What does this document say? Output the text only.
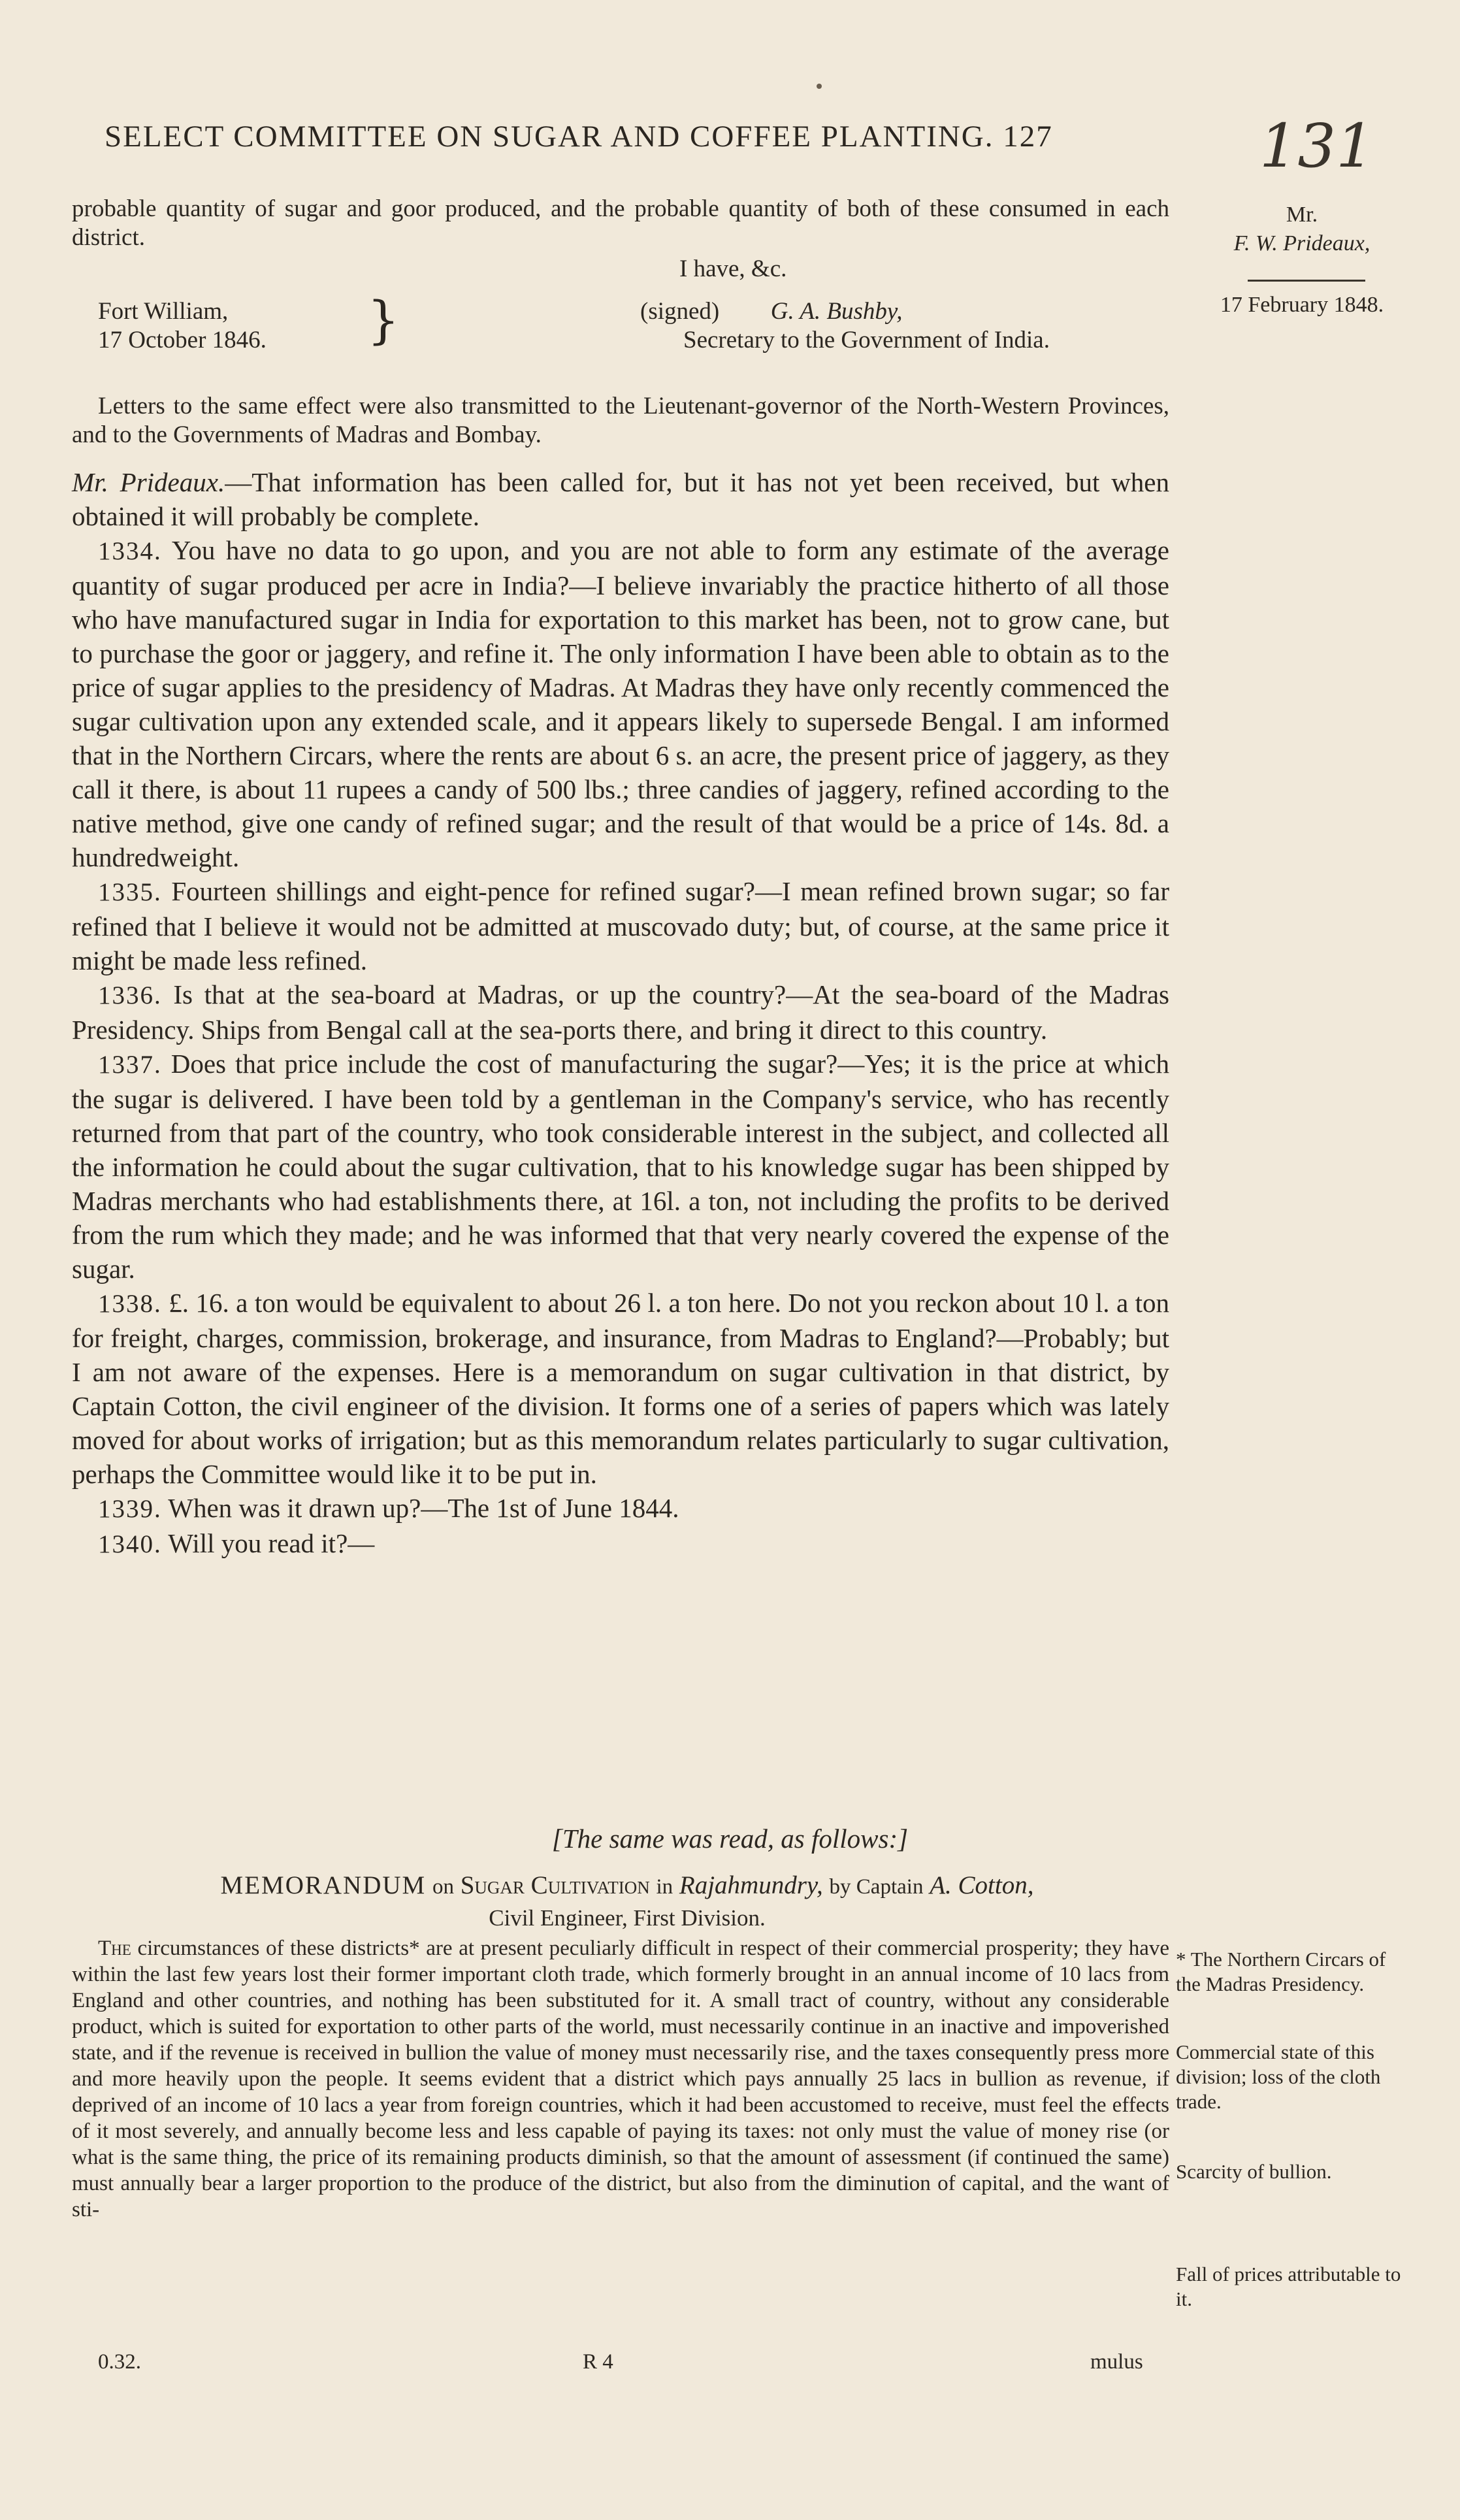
SELECT COMMITTEE ON SUGAR AND COFFEE PLANTING. 127	131
Mr.
F. W. Prideaux,
17 February 1848.
probable quantity of sugar and goor produced, and the probable quantity of both of these consumed in each district.
I have, &c.
Fort William,
17 October 1846. }	(signed) G. A. Bushby,
Secretary to the Government of India.
Letters to the same effect were also transmitted to the Lieutenant-governor of the North-Western Provinces, and to the Governments of Madras and Bombay.

Mr. Prideaux.—That information has been called for, but it has not yet been received, but when obtained it will probably be complete.

1334. You have no data to go upon, and you are not able to form any estimate of the average quantity of sugar produced per acre in India?—I believe invariably the practice hitherto of all those who have manufactured sugar in India for exportation to this market has been, not to grow cane, but to purchase the goor or jaggery, and refine it. The only information I have been able to obtain as to the price of sugar applies to the presidency of Madras. At Madras they have only recently commenced the sugar cultivation upon any extended scale, and it appears likely to supersede Bengal. I am informed that in the Northern Circars, where the rents are about 6 s. an acre, the present price of jaggery, as they call it there, is about 11 rupees a candy of 500 lbs.; three candies of jaggery, refined according to the native method, give one candy of refined sugar; and the result of that would be a price of 14s. 8d. a hundredweight.

1335. Fourteen shillings and eight-pence for refined sugar?—I mean refined brown sugar; so far refined that I believe it would not be admitted at muscovado duty; but, of course, at the same price it might be made less refined.

1336. Is that at the sea-board at Madras, or up the country?—At the sea-board of the Madras Presidency. Ships from Bengal call at the sea-ports there, and bring it direct to this country.

1337. Does that price include the cost of manufacturing the sugar?—Yes; it is the price at which the sugar is delivered. I have been told by a gentleman in the Company's service, who has recently returned from that part of the country, who took considerable interest in the subject, and collected all the information he could about the sugar cultivation, that to his knowledge sugar has been shipped by Madras merchants who had establishments there, at 16l. a ton, not including the profits to be derived from the rum which they made; and he was informed that that very nearly covered the expense of the sugar.

1338. £. 16. a ton would be equivalent to about 26 l. a ton here. Do not you reckon about 10 l. a ton for freight, charges, commission, brokerage, and insurance, from Madras to England?—Probably; but I am not aware of the expenses. Here is a memorandum on sugar cultivation in that district, by Captain Cotton, the civil engineer of the division. It forms one of a series of papers which was lately moved for about works of irrigation; but as this memorandum relates particularly to sugar cultivation, perhaps the Committee would like it to be put in.

1339. When was it drawn up?—The 1st of June 1844.

1340. Will you read it?—

[The same was read, as follows:]
MEMORANDUM on Sugar Cultivation in Rajahmundry, by Captain A. Cotton,
Civil Engineer, First Division.
The circumstances of these districts* are at present peculiarly difficult in respect of their commercial prosperity; they have within the last few years lost their former important cloth trade, which formerly brought in an annual income of 10 lacs from England and other countries, and nothing has been substituted for it. A small tract of country, without any considerable product, which is suited for exportation to other parts of the world, must necessarily continue in an inactive and impoverished state, and if the revenue is received in bullion the value of money must necessarily rise, and the taxes consequently press more and more heavily upon the people. It seems evident that a district which pays annually 25 lacs in bullion as revenue, if deprived of an income of 10 lacs a year from foreign countries, which it had been accustomed to receive, must feel the effects of it most severely, and annually become less and less capable of paying its taxes: not only must the value of money rise (or what is the same thing, the price of its remaining products diminish, so that the amount of assessment (if continued the same) must annually bear a larger proportion to the produce of the district, but also from the diminution of capital, and the want of sti-
* The Northern Circars of the Madras Presidency.
Commercial state of this division; loss of the cloth trade.
Scarcity of bullion.
Fall of prices attributable to it.
0.32.	R 4	mulus
